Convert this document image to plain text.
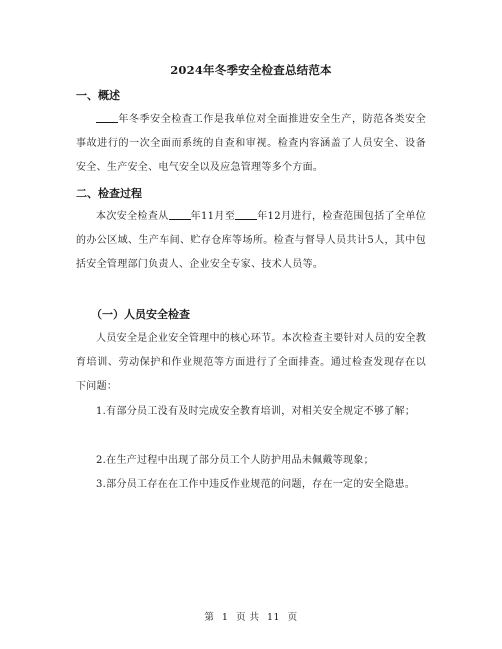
2024年冬季安全检查总结范本
一、概述
年冬季安全检查工作是我单位对全面推进安全生产，防范各类安全事故进行的一次全面而系统的自查和审视。检查内容涵盖了人员安全、设备安全、生产安全、电气安全以及应急管理等多个方面。
二、检查过程
本次安全检查从 年11月至 年12月进行，检查范围包括了全单位的办公区域、生产车间、贮存仓库等场所。检查与督导人员共计5人，其中包括安全管理部门负责人、企业安全专家、技术人员等。
（一）人员安全检查
人员安全是企业安全管理中的核心环节。本次检查主要针对人员的安全教育培训、劳动保护和作业规范等方面进行了全面排查。通过检查发现存在以下问题：
1.有部分员工没有及时完成安全教育培训，对相关安全规定不够了解；
2.在生产过程中出现了部分员工个人防护用品未佩戴等现象；
3.部分员工存在在工作中违反作业规范的问题，存在一定的安全隐患。
第 1 页 共 11 页
